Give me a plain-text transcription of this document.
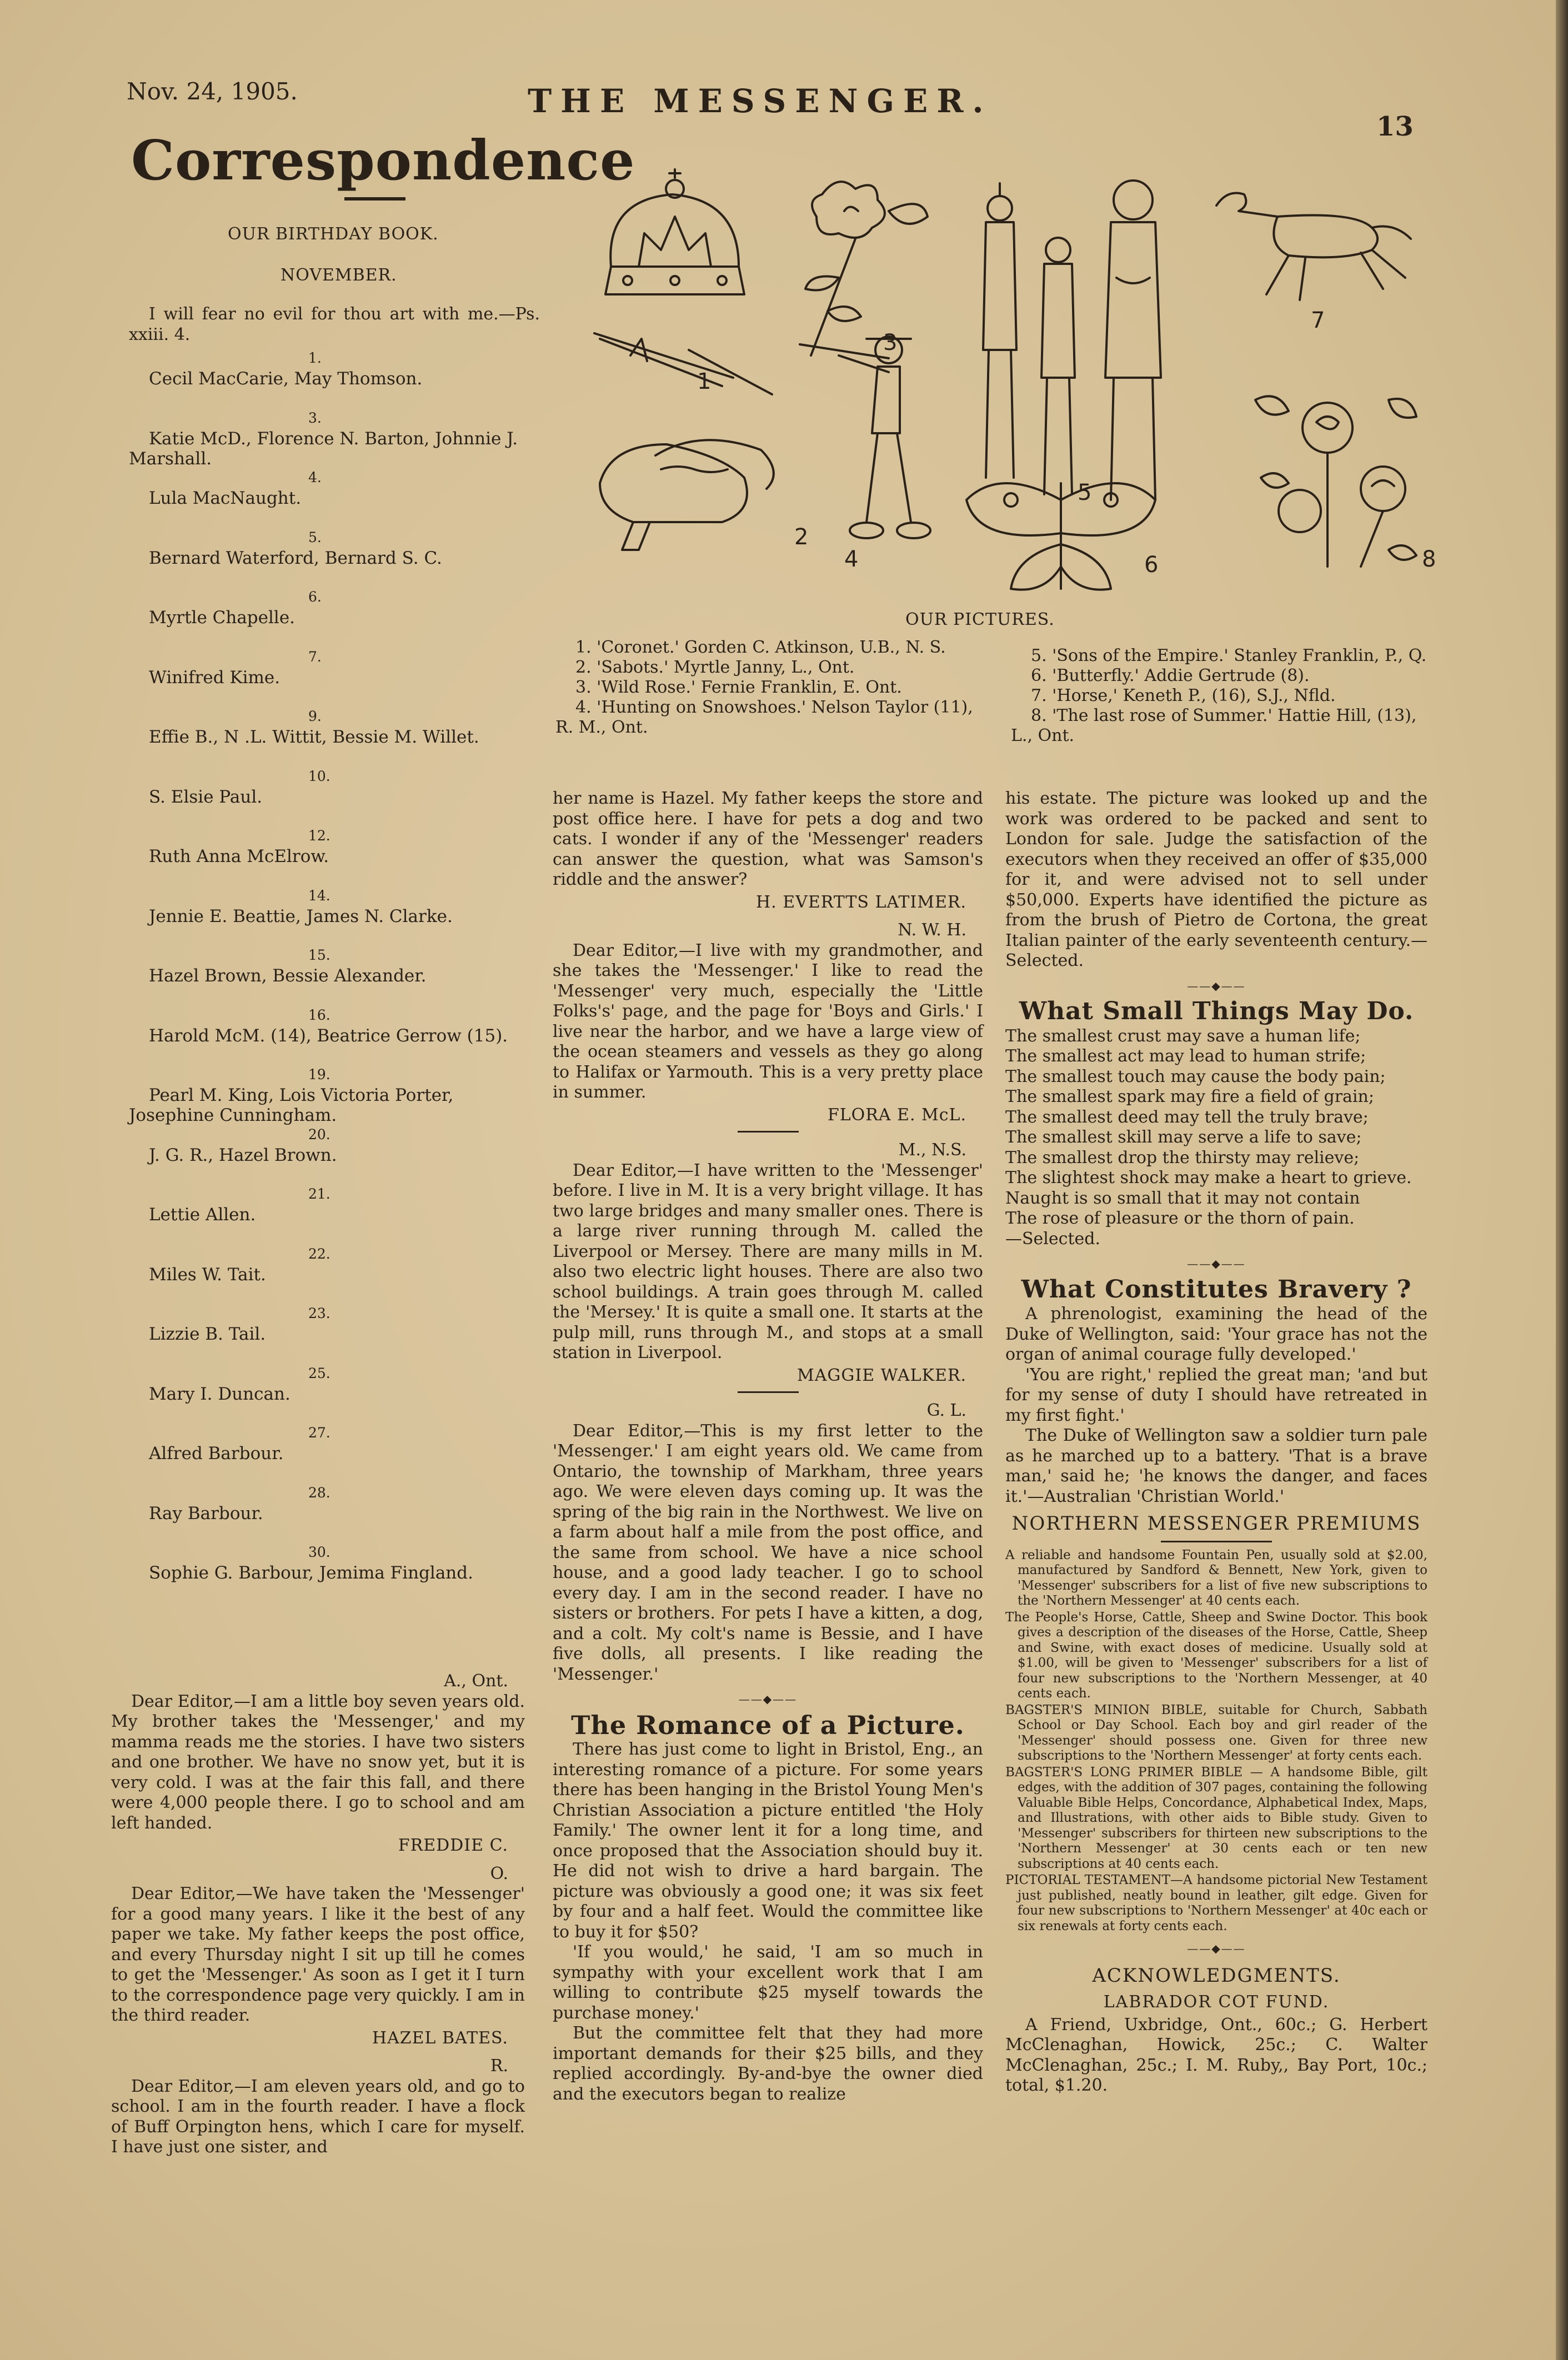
Nov. 24, 1905.	THE MESSENGER.
13
Correspondence
OUR BIRTHDAY BOOK.
NOVEMBER.

I will fear no evil for thou art with me.—Ps. xxiii. 4.

1.
Cecil MacCarie, May Thomson.
3.
Katie McD., Florence N. Barton, Johnnie J. Marshall.
4.
Lula MacNaught.
5.
Bernard Waterford, Bernard S. C.
6.
Myrtle Chapelle.
7.
Winifred Kime.
9.
Effie B., N .L. Wittit, Bessie M. Willet.
10.
S. Elsie Paul.
12.
Ruth Anna McElrow.
14.
Jennie E. Beattie, James N. Clarke.
15.
Hazel Brown, Bessie Alexander.
16.
Harold McM. (14), Beatrice Gerrow (15).
19.
Pearl M. King, Lois Victoria Porter, Josephine Cunningham.
20.
J. G. R., Hazel Brown.
21.
Lettie Allen.
22.
Miles W. Tait.
23.
Lizzie B. Tail.
25.
Mary I. Duncan.
27.
Alfred Barbour.
28.
Ray Barbour.
30.
Sophie G. Barbour, Jemima Fingland.
A., Ont.

Dear Editor,—I am a little boy seven years old. My brother takes the 'Messenger,' and my mamma reads me the stories. I have two sisters and one brother. We have no snow yet, but it is very cold. I was at the fair this fall, and there were 4,000 people there. I go to school and am left handed.

FREDDIE C.
O.

Dear Editor,—We have taken the 'Messenger' for a good many years. I like it the best of any paper we take. My father keeps the post office, and every Thursday night I sit up till he comes to get the 'Messenger.' As soon as I get it I turn to the correspondence page very quickly. I am in the third reader.

HAZEL BATES.
R.

Dear Editor,—I am eleven years old, and go to school. I am in the fourth reader. I have a flock of Buff Orpington hens, which I care for myself. I have just one sister, and

1
2
3
4
5
6
7
8
OUR PICTURES.
1. 'Coronet.' Gorden C. Atkinson, U.B., N. S.
2. 'Sabots.' Myrtle Janny, L., Ont.
3. 'Wild Rose.' Fernie Franklin, E. Ont.
4. 'Hunting on Snowshoes.' Nelson Taylor (11), R. M., Ont.
5. 'Sons of the Empire.' Stanley Franklin, P., Q.
6. 'Butterfly.' Addie Gertrude (8).
7. 'Horse,' Keneth P., (16), S.J., Nfld.
8. 'The last rose of Summer.' Hattie Hill, (13), L., Ont.

her name is Hazel. My father keeps the store and post office here. I have for pets a dog and two cats. I wonder if any of the 'Messenger' readers can answer the question, what was Samson's riddle and the answer?

H. EVERTTS LATIMER.
N. W. H.

Dear Editor,—I live with my grandmother, and she takes the 'Messenger.' I like to read the 'Messenger' very much, especially the 'Little Folks's' page, and the page for 'Boys and Girls.' I live near the harbor, and we have a large view of the ocean steamers and vessels as they go along to Halifax or Yarmouth. This is a very pretty place in summer.

FLORA E. McL.
M., N.S.

Dear Editor,—I have written to the 'Messenger' before. I live in M. It is a very bright village. It has two large bridges and many smaller ones. There is a large river running through M. called the Liverpool or Mersey. There are many mills in M. also two electric light houses. There are also two school buildings. A train goes through M. called the 'Mersey.' It is quite a small one. It starts at the pulp mill, runs through M., and stops at a small station in Liverpool.

MAGGIE WALKER.
G. L.

Dear Editor,—This is my first letter to the 'Messenger.' I am eight years old. We came from Ontario, the township of Markham, three years ago. We were eleven days coming up. It was the spring of the big rain in the Northwest. We live on a farm about half a mile from the post office, and the same from school. We have a nice school house, and a good lady teacher. I go to school every day. I am in the second reader. I have no sisters or brothers. For pets I have a kitten, a dog, and a colt. My colt's name is Bessie, and I have five dolls, all presents. I like reading the 'Messenger.'

——◆——
The Romance of a Picture.

There has just come to light in Bristol, Eng., an interesting romance of a picture. For some years there has been hanging in the Bristol Young Men's Christian Association a picture entitled 'the Holy Family.' The owner lent it for a long time, and once proposed that the Association should buy it. He did not wish to drive a hard bargain. The picture was obviously a good one; it was six feet by four and a half feet. Would the committee like to buy it for $50?

'If you would,' he said, 'I am so much in sympathy with your excellent work that I am willing to contribute $25 myself towards the purchase money.'

But the committee felt that they had more important demands for their $25 bills, and they replied accordingly. By-and-bye the owner died and the executors began to realize

his estate. The picture was looked up and the work was ordered to be packed and sent to London for sale. Judge the satisfaction of the executors when they received an offer of $35,000 for it, and were advised not to sell under $50,000. Experts have identified the picture as from the brush of Pietro de Cortona, the great Italian painter of the early seventeenth century.—Selected.

——◆——
What Small Things May Do.
The smallest crust may save a human life;
The smallest act may lead to human strife;
The smallest touch may cause the body pain;
The smallest spark may fire a field of grain;
The smallest deed may tell the truly brave;
The smallest skill may serve a life to save;
The smallest drop the thirsty may relieve;
The slightest shock may make a heart to grieve.
Naught is so small that it may not contain
The rose of pleasure or the thorn of pain.
—Selected.
——◆——
What Constitutes Bravery ?

A phrenologist, examining the head of the Duke of Wellington, said: 'Your grace has not the organ of animal courage fully developed.'

'You are right,' replied the great man; 'and but for my sense of duty I should have retreated in my first fight.'

The Duke of Wellington saw a soldier turn pale as he marched up to a battery. 'That is a brave man,' said he; 'he knows the danger, and faces it.'—Australian 'Christian World.'

NORTHERN MESSENGER PREMIUMS

A reliable and handsome Fountain Pen, usually sold at $2.00, manufactured by Sandford & Bennett, New York, given to 'Messenger' subscribers for a list of five new subscriptions to the 'Northern Messenger' at 40 cents each.

The People's Horse, Cattle, Sheep and Swine Doctor. This book gives a description of the diseases of the Horse, Cattle, Sheep and Swine, with exact doses of medicine. Usually sold at $1.00, will be given to 'Messenger' subscribers for a list of four new subscriptions to the 'Northern Messenger, at 40 cents each.

BAGSTER'S MINION BIBLE, suitable for Church, Sabbath School or Day School. Each boy and girl reader of the 'Messenger' should possess one. Given for three new subscriptions to the 'Northern Messenger' at forty cents each.

BAGSTER'S LONG PRIMER BIBLE — A handsome Bible, gilt edges, with the addition of 307 pages, containing the following Valuable Bible Helps, Concordance, Alphabetical Index, Maps, and Illustrations, with other aids to Bible study. Given to 'Messenger' subscribers for thirteen new subscriptions to the 'Northern Messenger' at 30 cents each or ten new subscriptions at 40 cents each.

PICTORIAL TESTAMENT—A handsome pictorial New Testament just published, neatly bound in leather, gilt edge. Given for four new subscriptions to 'Northern Messenger' at 40c each or six renewals at forty cents each.

——◆——
ACKNOWLEDGMENTS.
LABRADOR COT FUND.

A Friend, Uxbridge, Ont., 60c.; G. Herbert McClenaghan, Howick, 25c.; C. Walter McClenaghan, 25c.; I. M. Ruby,, Bay Port, 10c.; total, $1.20.
